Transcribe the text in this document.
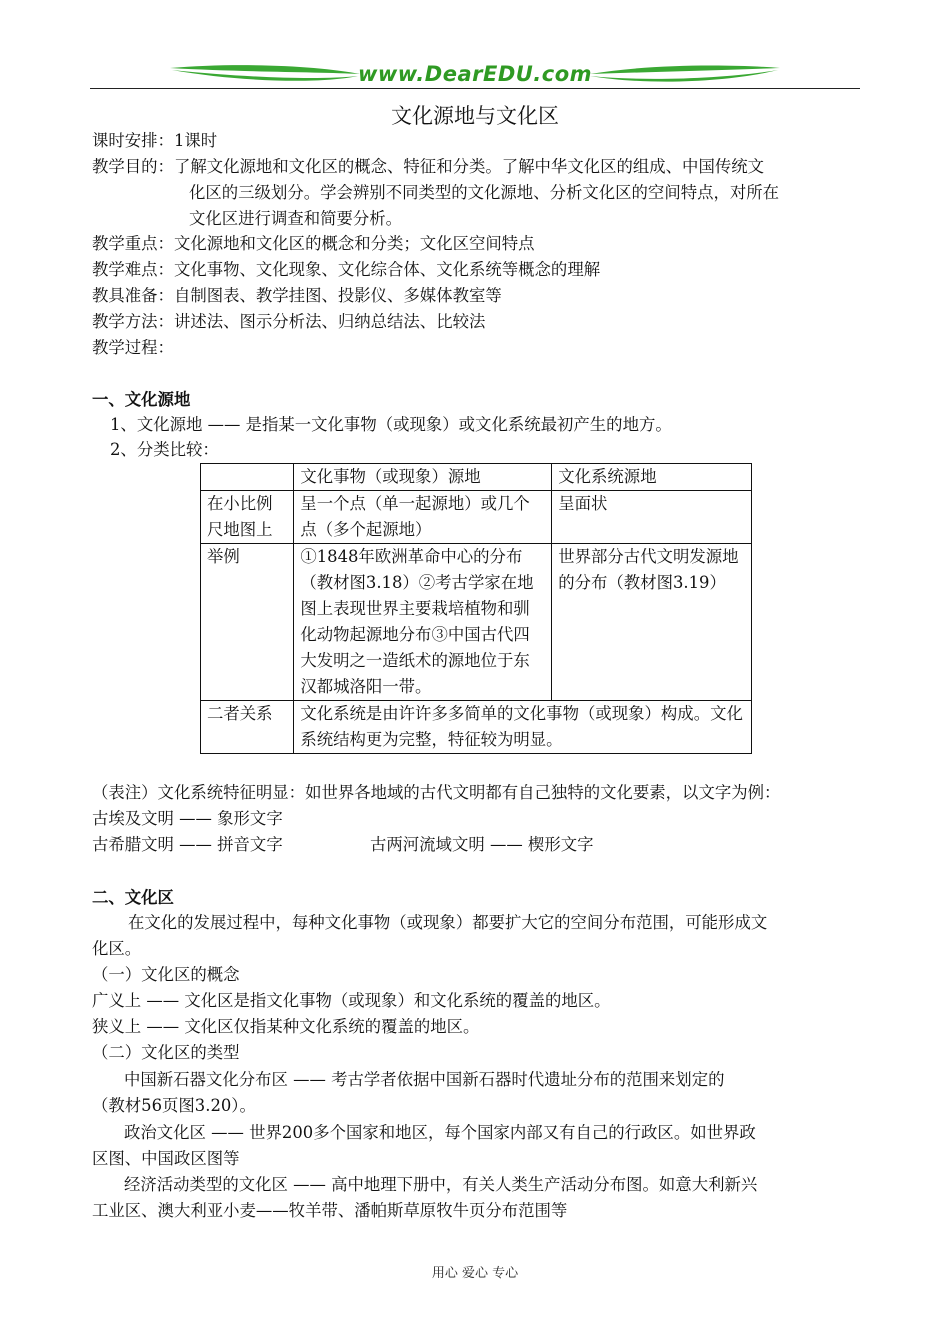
www.DearEDU.com
文化源地与文化区
课时安排：1课时
教学目的：了解文化源地和文化区的概念、特征和分类。了解中华文化区的组成、中国传统文
化区的三级划分。学会辨别不同类型的文化源地、分析文化区的空间特点，对所在
文化区进行调查和简要分析。
教学重点：文化源地和文化区的概念和分类；文化区空间特点
教学难点：文化事物、文化现象、文化综合体、文化系统等概念的理解
教具准备：自制图表、教学挂图、投影仪、多媒体教室等
教学方法：讲述法、图示分析法、归纳总结法、比较法
教学过程：
一、文化源地
1、文化源地 —— 是指某一文化事物（或现象）或文化系统最初产生的地方。
2、分类比较：
	文化事物（或现象）源地	文化系统源地
在小比例尺地图上	呈一个点（单一起源地）或几个点（多个起源地）	呈面状
举例	①1848年欧洲革命中心的分布（教材图3.18）②考古学家在地图上表现世界主要栽培植物和驯化动物起源地分布③中国古代四大发明之一造纸术的源地位于东汉都城洛阳一带。	世界部分古代文明发源地的分布（教材图3.19）
二者关系	文化系统是由许许多多简单的文化事物（或现象）构成。文化系统结构更为完整，特征较为明显。	
（表注）文化系统特征明显：如世界各地域的古代文明都有自己独特的文化要素，以文字为例：
古埃及文明 —— 象形文字
古希腊文明 —— 拼音文字	古两河流域文明 —— 楔形文字
二、文化区
在文化的发展过程中，每种文化事物（或现象）都要扩大它的空间分布范围，可能形成文
化区。
（一）文化区的概念
广义上 —— 文化区是指文化事物（或现象）和文化系统的覆盖的地区。
狭义上 —— 文化区仅指某种文化系统的覆盖的地区。
（二）文化区的类型
中国新石器文化分布区 —— 考古学者依据中国新石器时代遗址分布的范围来划定的
（教材56页图3.20）。
政治文化区 —— 世界200多个国家和地区，每个国家内部又有自己的行政区。如世界政
区图、中国政区图等
经济活动类型的文化区 —— 高中地理下册中，有关人类生产活动分布图。如意大利新兴
工业区、澳大利亚小麦——牧羊带、潘帕斯草原牧牛页分布范围等
用心 爱心 专心
